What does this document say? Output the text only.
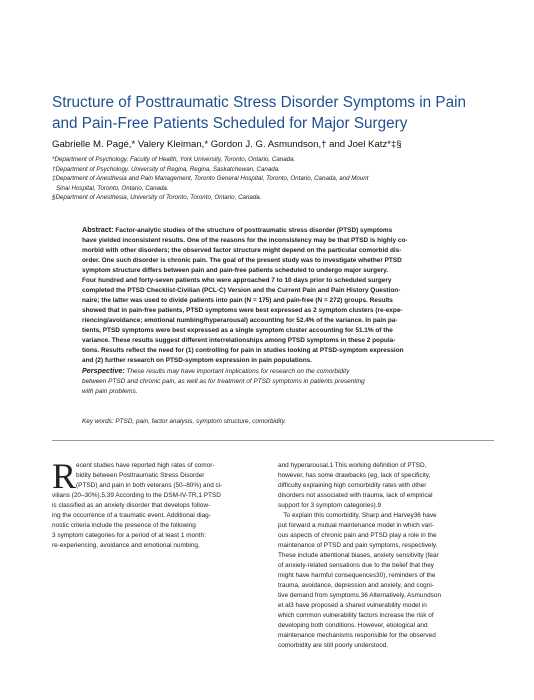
Structure of Posttraumatic Stress Disorder Symptoms in Pain
and Pain-Free Patients Scheduled for Major Surgery
Gabrielle M. Pagé,* Valery Kleiman,* Gordon J. G. Asmundson,† and Joel Katz*‡§
*Department of Psychology, Faculty of Health, York University, Toronto, Ontario, Canada.
†Department of Psychology, University of Regina, Regina, Saskatchewan, Canada.
‡Department of Anesthesia and Pain Management, Toronto General Hospital, Toronto, Ontario, Canada, and Mount
Sinai Hospital, Toronto, Ontario, Canada.
§Department of Anesthesia, University of Toronto, Toronto, Ontario, Canada.
Abstract: Factor-analytic studies of the structure of posttraumatic stress disorder (PTSD) symptoms
have yielded inconsistent results. One of the reasons for the inconsistency may be that PTSD is highly co-
morbid with other disorders; the observed factor structure might depend on the particular comorbid dis-
order. One such disorder is chronic pain. The goal of the present study was to investigate whether PTSD
symptom structure differs between pain and pain-free patients scheduled to undergo major surgery.
Four hundred and forty-seven patients who were approached 7 to 10 days prior to scheduled surgery
completed the PTSD Checklist-Civilian (PCL-C) Version and the Current Pain and Pain History Question-
naire; the latter was used to divide patients into pain (N = 175) and pain-free (N = 272) groups. Results
showed that in pain-free patients, PTSD symptoms were best expressed as 2 symptom clusters (re-expe-
riencing/avoidance; emotional numbing/hyperarousal) accounting for 52.4% of the variance. In pain pa-
tients, PTSD symptoms were best expressed as a single symptom cluster accounting for 51.1% of the
variance. These results suggest different interrelationships among PTSD symptoms in these 2 popula-
tions. Results reflect the need for (1) controlling for pain in studies looking at PTSD-symptom expression
and (2) further research on PTSD-symptom expression in pain populations.
Perspective: These results may have important implications for research on the comorbidity
between PTSD and chronic pain, as well as for treatment of PTSD symptoms in patients presenting
with pain problems.
Key words: PTSD, pain, factor analysis, symptom structure, comorbidity.
R ecent studies have reported high rates of comor-
bidity between Posttraumatic Stress Disorder
(PTSD) and pain in both veterans (50–80%) and ci-
vilians (20–30%).5,39 According to the DSM-IV-TR,1 PTSD
is classified as an anxiety disorder that develops follow-
ing the occurrence of a traumatic event. Additional diag-
nostic criteria include the presence of the following
3 symptom categories for a period of at least 1 month:
re-experiencing, avoidance and emotional numbing,
and hyperarousal.1 This working definition of PTSD,
however, has some drawbacks (eg, lack of specificity,
difficulty explaining high comorbidity rates with other
disorders not associated with trauma, lack of empirical
support for 3 symptom categories).9
To explain this comorbidity, Sharp and Harvey36 have
put forward a mutual maintenance model in which vari-
ous aspects of chronic pain and PTSD play a role in the
maintenance of PTSD and pain symptoms, respectively.
These include attentional biases, anxiety sensitivity (fear
of anxiety-related sensations due to the belief that they
might have harmful consequences30), reminders of the
trauma, avoidance, depression and anxiety, and cogni-
tive demand from symptoms.36 Alternatively, Asmundson
et al3 have proposed a shared vulnerability model in
which common vulnerability factors increase the risk of
developing both conditions. However, etiological and
maintenance mechanisms responsible for the observed
comorbidity are still poorly understood.
